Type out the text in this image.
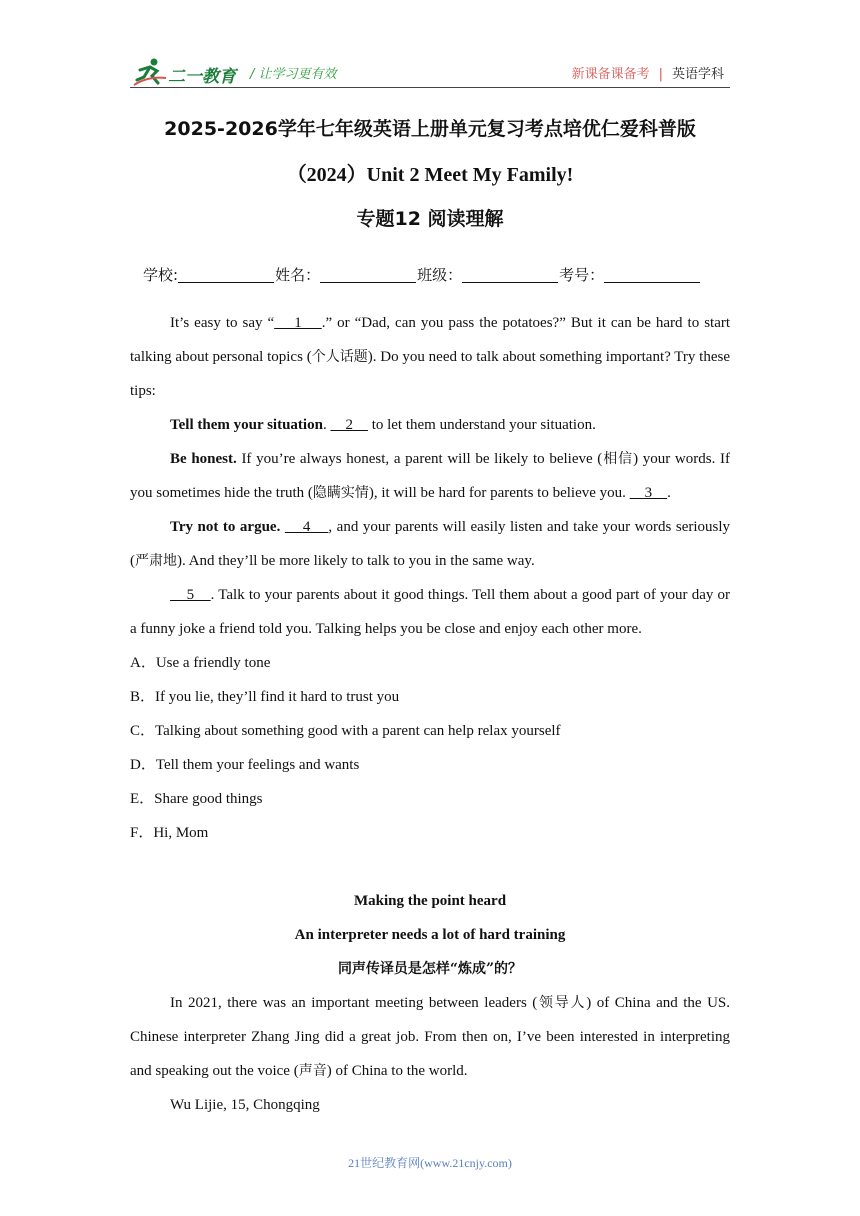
二一教育 / 让学习更有效	新课备课备考 | 英语学科
2025-2026学年七年级英语上册单元复习考点培优仁爱科普版
（2024）Unit 2 Meet My Family!
专题12 阅读理解
学校:	姓名：	班级：	考号：

It’s easy to say “    1    .” or “Dad, can you pass the potatoes?” But it can be hard to start talking about personal topics (个人话题). Do you need to talk about something important? Try these tips:

Tell them your situation.     2     to let them understand your situation.

Be honest. If you’re always honest, a parent will be likely to believe (相信) your words. If you sometimes hide the truth (隐瞒实情), it will be hard for parents to believe you.     3    .

Try not to argue.     4    , and your parents will easily listen and take your words seriously (严肃地). And they’ll be more likely to talk to you in the same way.

5    . Talk to your parents about it good things. Tell them about a good part of your day or a funny joke a friend told you. Talking helps you be close and enjoy each other more.

A．Use a friendly tone

B．If you lie, they’ll find it hard to trust you

C．Talking about something good with a parent can help relax yourself

D．Tell them your feelings and wants

E．Share good things

F．Hi, Mom

Making the point heard

An interpreter needs a lot of hard training

同声传译员是怎样“炼成”的？

In 2021, there was an important meeting between leaders (领导人) of China and the US. Chinese interpreter Zhang Jing did a great job. From then on, I’ve been interested in interpreting and speaking out the voice (声音) of China to the world.

Wu Lijie, 15, Chongqing

21世纪教育网(www.21cnjy.com)
